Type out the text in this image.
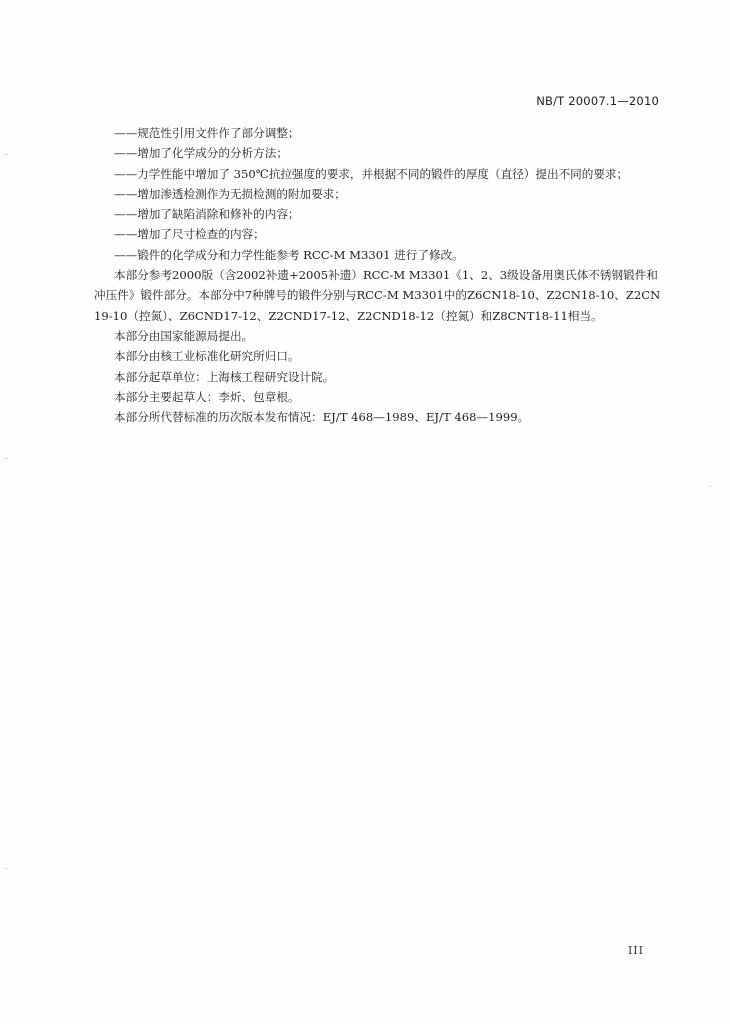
NB/T 20007.1—2010
——规范性引用文件作了部分调整；
——增加了化学成分的分析方法；
——力学性能中增加了 350℃抗拉强度的要求，并根据不同的锻件的厚度（直径）提出不同的要求；
——增加渗透检测作为无损检测的附加要求；
——增加了缺陷消除和修补的内容；
——增加了尺寸检查的内容；
——锻件的化学成分和力学性能参考 RCC-M M3301 进行了修改。
本部分参考2000版（含2002补遗+2005补遗）RCC-M M3301《1、2、3级设备用奥氏体不锈钢锻件和冲压件》锻件部分。本部分中7种牌号的锻件分别与RCC-M M3301中的Z6CN18-10、Z2CN18-10、Z2CN19-10（控氮）、Z6CND17-12、Z2CND17-12、Z2CND18-12（控氮）和Z8CNT18-11相当。
本部分由国家能源局提出。
本部分由核工业标准化研究所归口。
本部分起草单位：上海核工程研究设计院。
本部分主要起草人：李炘、包章根。
本部分所代替标准的历次版本发布情况：EJ/T 468—1989、EJ/T 468—1999。
III
